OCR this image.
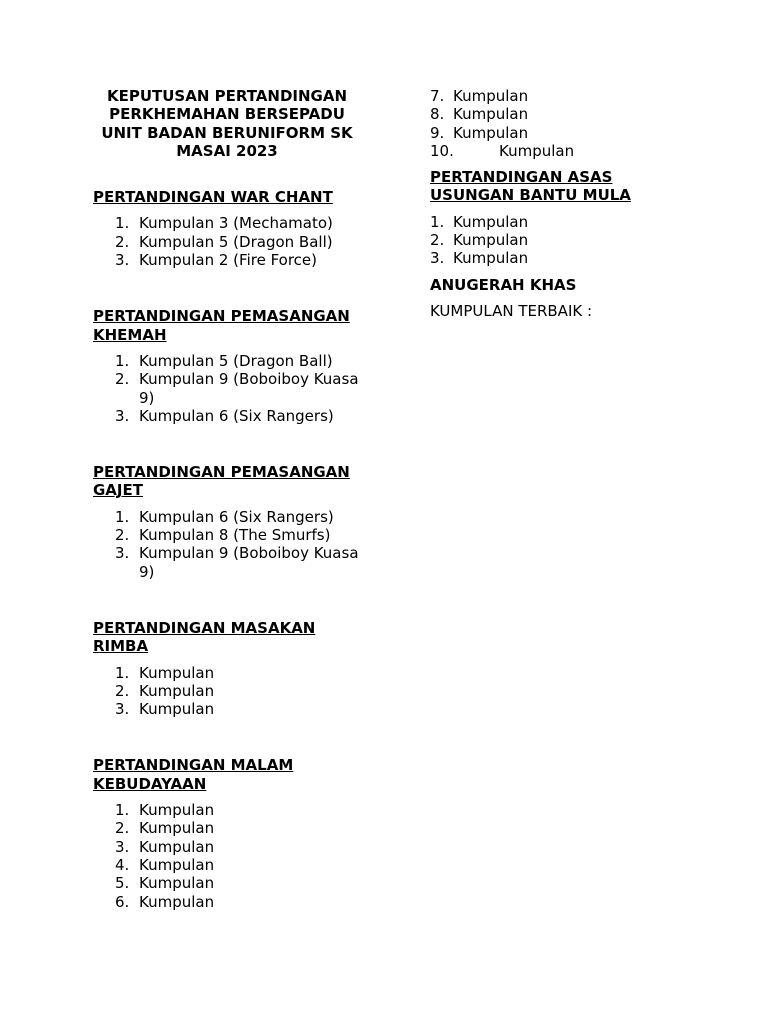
KEPUTUSAN PERTANDINGAN PERKHEMAHAN BERSEPADU UNIT BADAN BERUNIFORM SK MASAI 2023
PERTANDINGAN WAR CHANT
1. Kumpulan 3 (Mechamato)
2. Kumpulan 5 (Dragon Ball)
3. Kumpulan 2 (Fire Force)
PERTANDINGAN PEMASANGAN KHEMAH
1. Kumpulan 5 (Dragon Ball)
2. Kumpulan 9 (Boboiboy Kuasa 9)
3. Kumpulan 6 (Six Rangers)
PERTANDINGAN PEMASANGAN GAJET
1. Kumpulan 6 (Six Rangers)
2. Kumpulan 8 (The Smurfs)
3. Kumpulan 9 (Boboiboy Kuasa 9)
PERTANDINGAN MASAKAN RIMBA
1. Kumpulan
2. Kumpulan
3. Kumpulan
PERTANDINGAN MALAM KEBUDAYAAN
1. Kumpulan
2. Kumpulan
3. Kumpulan
4. Kumpulan
5. Kumpulan
6. Kumpulan
7. Kumpulan
8. Kumpulan
9. Kumpulan
10.	Kumpulan
PERTANDINGAN ASAS USUNGAN BANTU MULA
1. Kumpulan
2. Kumpulan
3. Kumpulan
ANUGERAH KHAS

KUMPULAN TERBAIK :
